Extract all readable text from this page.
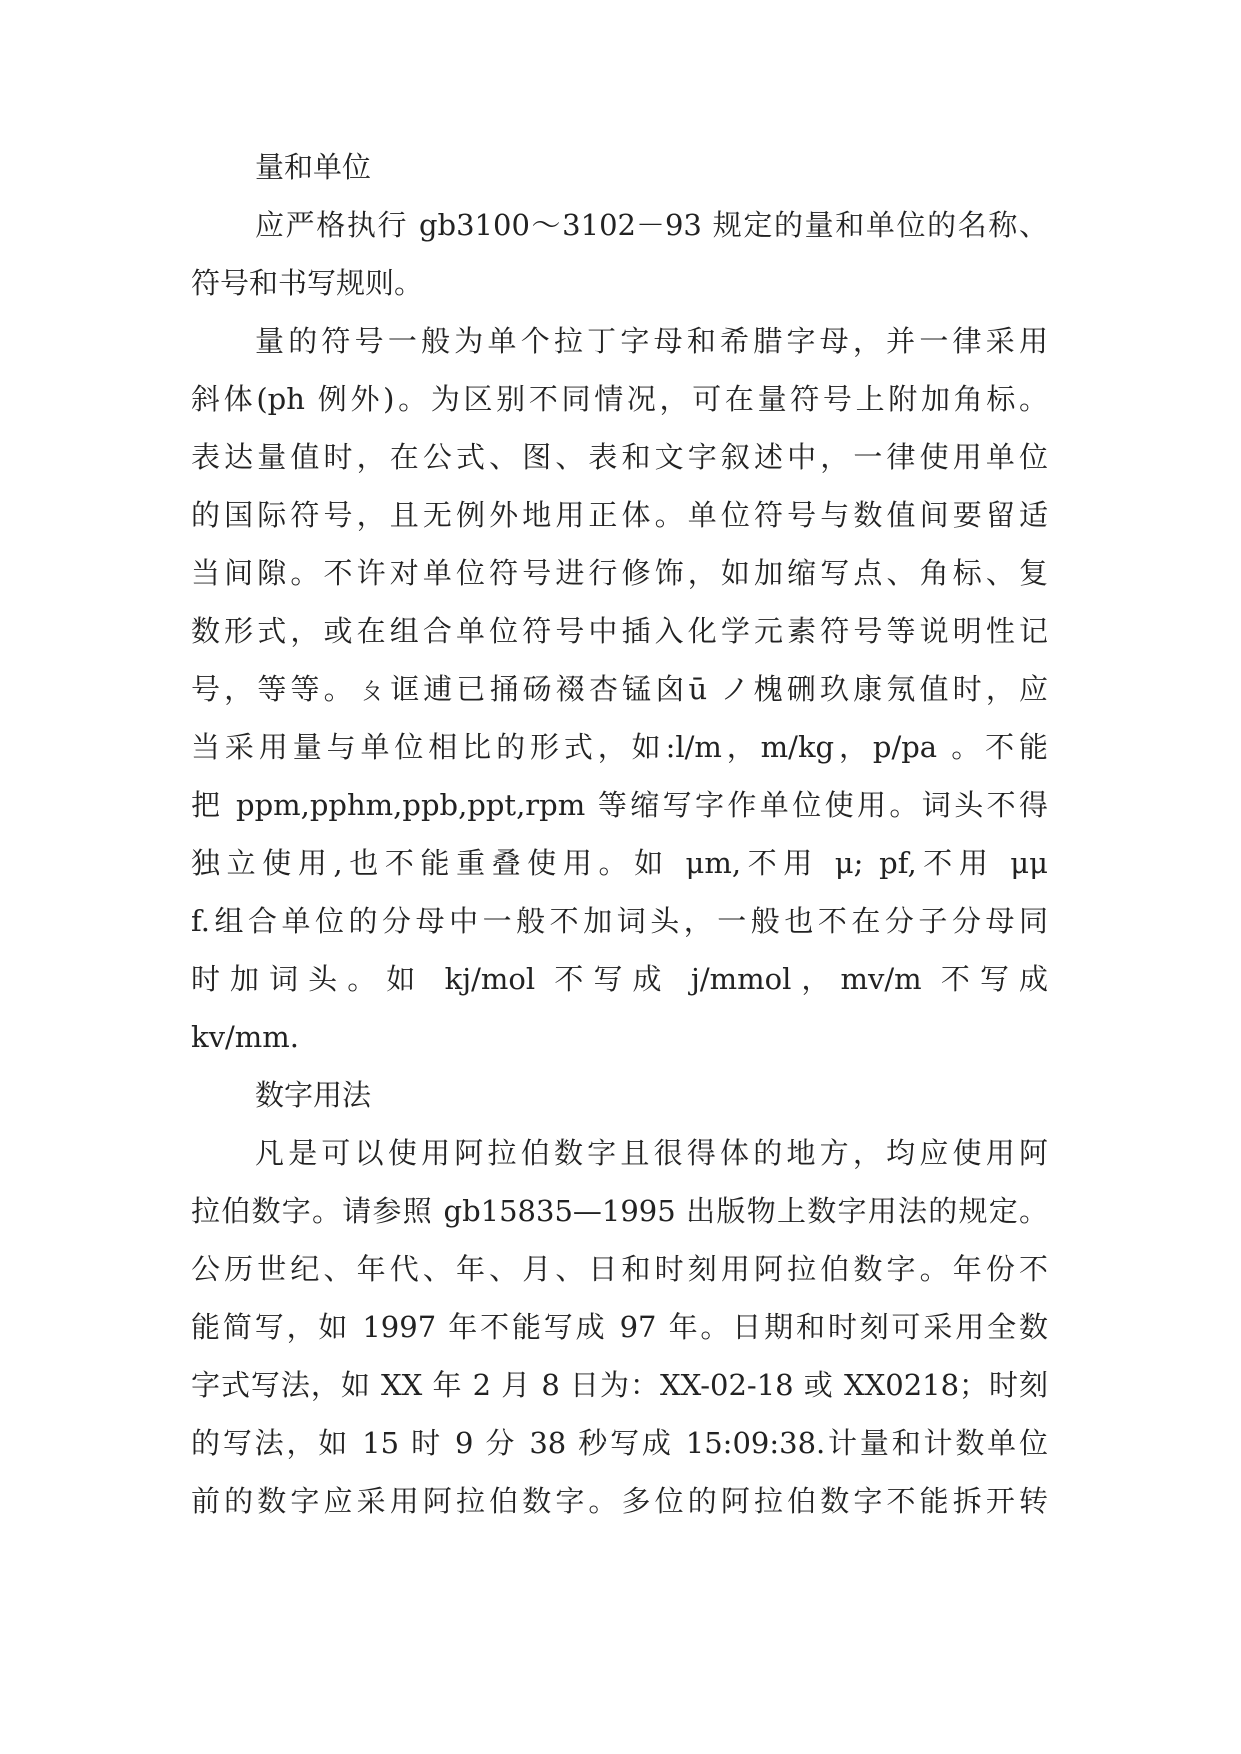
量和单位
应严格执行 gb3100～3102－93 规定的量和单位的名称、
符号和书写规则。
量的符号一般为单个拉丁字母和希腊字母，并一律采用
斜体(ph 例外)。为区别不同情况，可在量符号上附加角标。
表达量值时，在公式、图、表和文字叙述中，一律使用单位
的国际符号，且无例外地用正体。单位符号与数值间要留适
当间隙。不许对单位符号进行修饰，如加缩写点、角标、复
数形式，或在组合单位符号中插入化学元素符号等说明性记
号，等等。ㄆ诓逋已捅砀裰杏锰囟ū ノ槐硎玖康氖值时，应
当采用量与单位相比的形式，如:l/m，m/kg，p/pa 。不能
把 ppm,pphm,ppb,ppt,rpm 等缩写字作单位使用。词头不得
独立使用,也不能重叠使用。如 μm,不用 μ; pf,不用 μμ
f.组合单位的分母中一般不加词头，一般也不在分子分母同
时加词头。如 kj/mol 不写成 j/mmol，mv/m 不写成
kv/mm.
数字用法
凡是可以使用阿拉伯数字且很得体的地方，均应使用阿
拉伯数字。请参照 gb15835—1995 出版物上数字用法的规定。
公历世纪、年代、年、月、日和时刻用阿拉伯数字。年份不
能简写，如 1997 年不能写成 97 年。日期和时刻可采用全数
字式写法，如 XX 年 2 月 8 日为：XX-02-18 或 XX0218；时刻
的写法，如 15 时 9 分 38 秒写成 15:09:38.计量和计数单位
前的数字应采用阿拉伯数字。多位的阿拉伯数字不能拆开转
